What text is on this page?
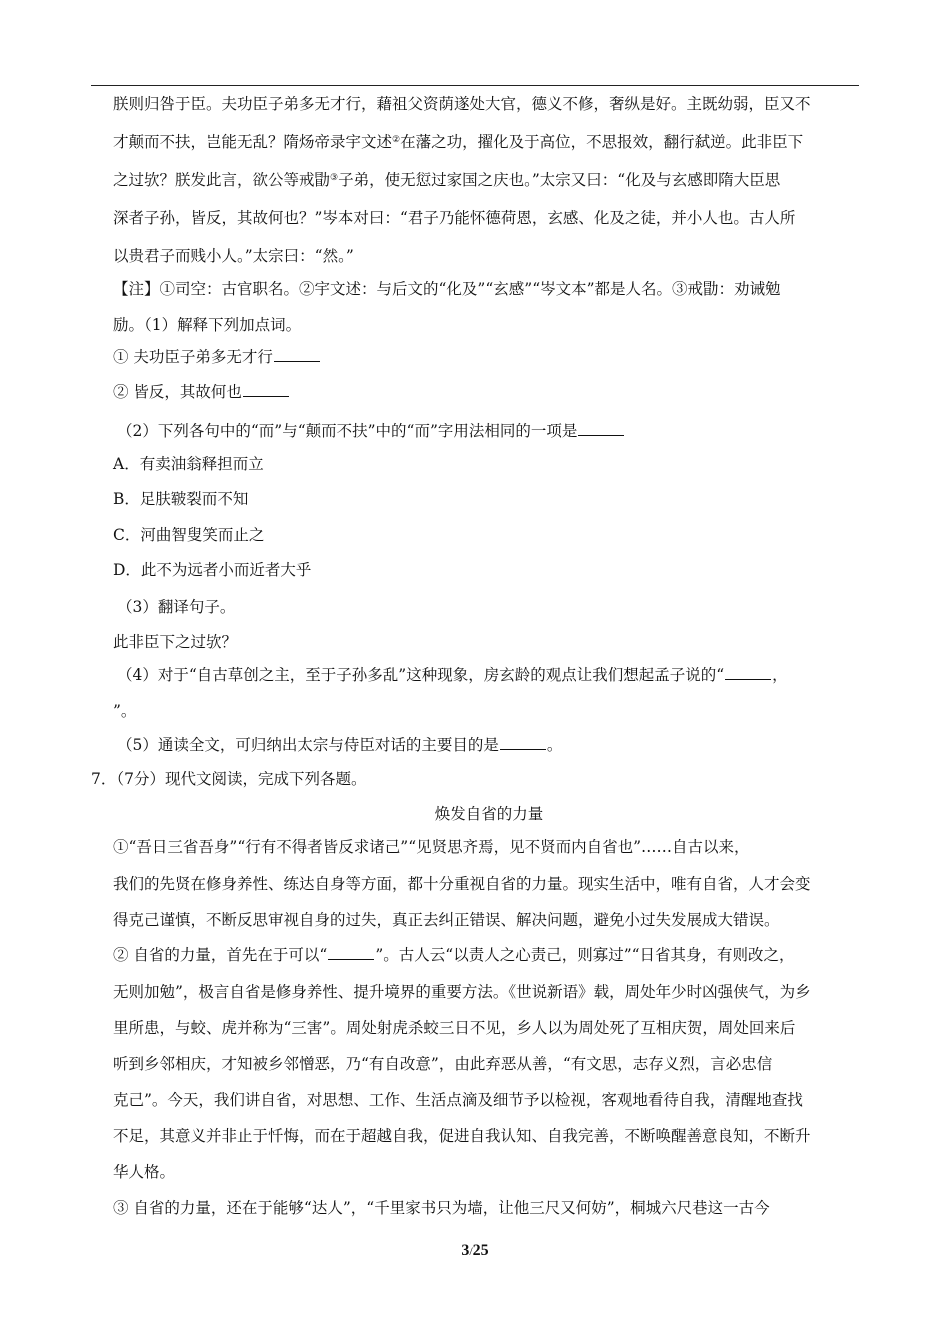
朕则归咎于臣。夫功臣子弟多无才行，藉祖父资荫遂处大官，德义不修，奢纵是好。主既幼弱，臣又不
才颠而不扶，岂能无乱？隋炀帝录宇文述②在藩之功，擢化及于高位，不思报效，翻行弑逆。此非臣下
之过欤？朕发此言，欲公等戒勖③子弟，使无愆过家国之庆也。”太宗又曰：“化及与玄感即隋大臣思
深者子孙，皆反，其故何也？”岑本对曰：“君子乃能怀德荷恩，玄感、化及之徒，并小人也。古人所
以贵君子而贱小人。”太宗曰：“然。”
【注】①司空：古官职名。②宇文述：与后文的“化及”“玄感”“岑文本”都是人名。③戒勖：劝诫勉
励。（1）解释下列加点词。
① 夫功臣子弟多无才行
② 皆反，其故何也
（2）下列各句中的“而”与“颠而不扶”中的“而”字用法相同的一项是
A．有卖油翁释担而立
B．足肤皲裂而不知
C．河曲智叟笑而止之
D．此不为远者小而近者大乎
（3）翻译句子。
此非臣下之过欤？
（4）对于“自古草创之主，至于子孙多乱”这种现象，房玄龄的观点让我们想起孟子说的“	，
”。
（5）通读全文，可归纳出太宗与侍臣对话的主要目的是	。
7．（7分）现代文阅读，完成下列各题。
焕发自省的力量
①“吾日三省吾身”“行有不得者皆反求诸己”“见贤思齐焉，见不贤而内自省也”……自古以来，
我们的先贤在修身养性、练达自身等方面，都十分重视自省的力量。现实生活中，唯有自省，人才会变
得克己谨慎，不断反思审视自身的过失，真正去纠正错误、解决问题，避免小过失发展成大错误。
② 自省的力量，首先在于可以“	”。古人云“以责人之心责己，则寡过”“日省其身，有则改之，
无则加勉”，极言自省是修身养性、提升境界的重要方法。《世说新语》载，周处年少时凶强侠气，为乡
里所患，与蛟、虎并称为“三害”。周处射虎杀蛟三日不见，乡人以为周处死了互相庆贺，周处回来后
听到乡邻相庆，才知被乡邻憎恶，乃“有自改意”，由此弃恶从善，“有文思，志存义烈，言必忠信
克己”。今天，我们讲自省，对思想、工作、生活点滴及细节予以检视，客观地看待自我，清醒地查找
不足，其意义并非止于忏悔，而在于超越自我，促进自我认知、自我完善，不断唤醒善意良知，不断升
华人格。
③ 自省的力量，还在于能够“达人”，“千里家书只为墙，让他三尺又何妨”，桐城六尺巷这一古今
3/25
